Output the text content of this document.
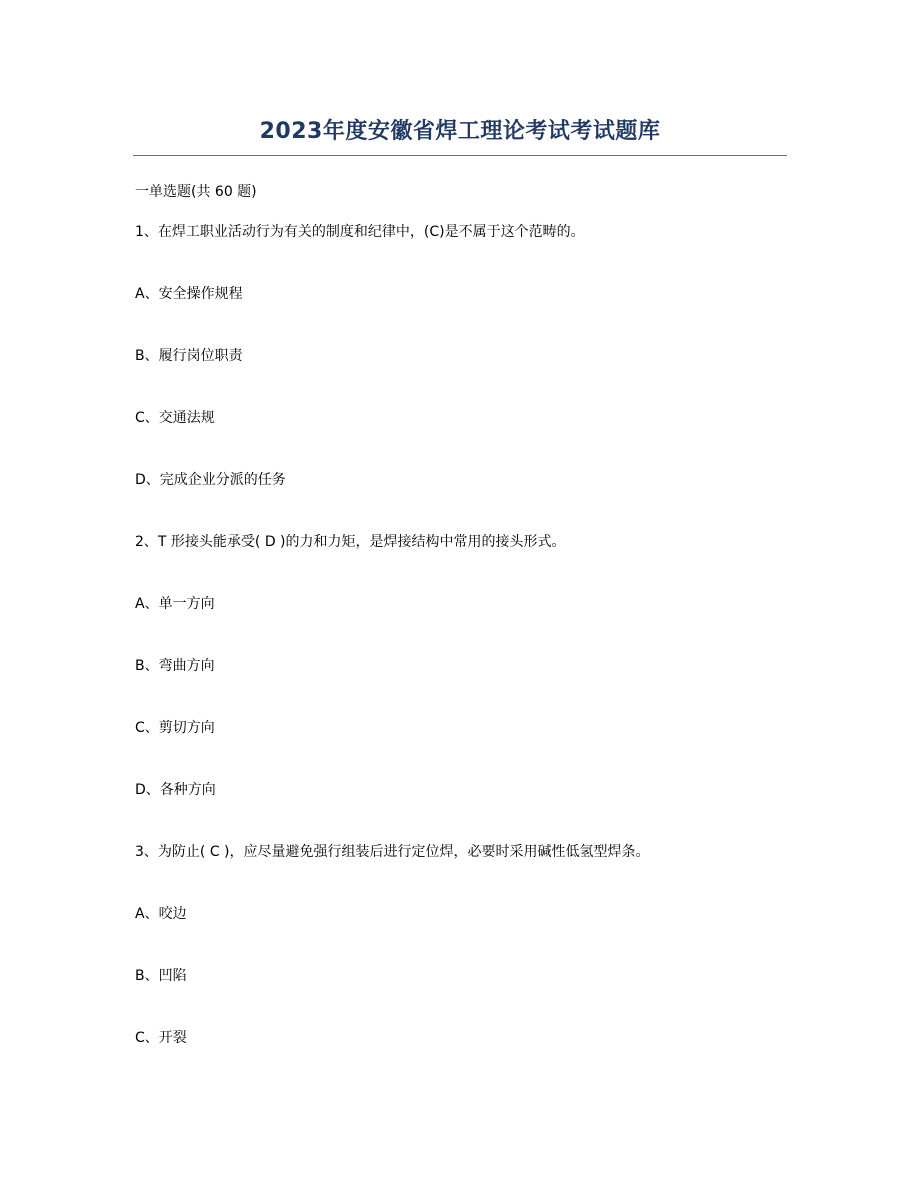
2023年度安徽省焊工理论考试考试题库
一单选题(共 60 题)
1、在焊工职业活动行为有关的制度和纪律中，(C)是不属于这个范畴的。
A、安全操作规程
B、履行岗位职责
C、交通法规
D、完成企业分派的任务
2、T 形接头能承受( D )的力和力矩，是焊接结构中常用的接头形式。
A、单一方向
B、弯曲方向
C、剪切方向
D、各种方向
3、为防止( C )，应尽量避免强行组装后进行定位焊，必要时采用碱性低氢型焊条。
A、咬边
B、凹陷
C、开裂
